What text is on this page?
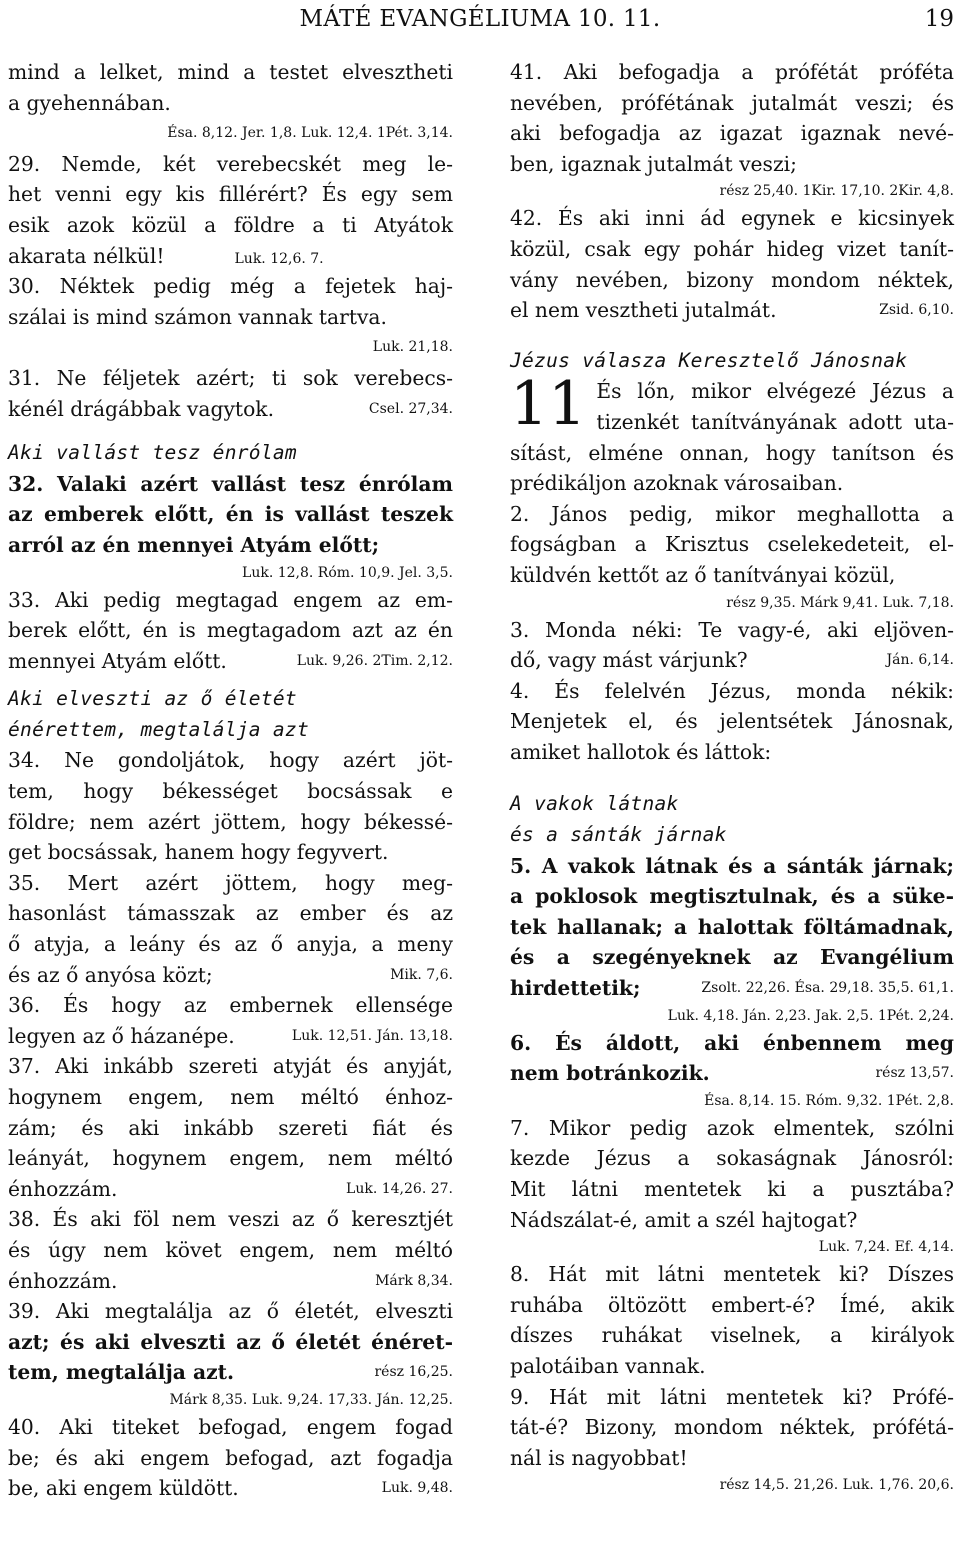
MÁTÉ EVANGÉLIUMA 10. 11.	19
mind a lelket, mind a testet elvesztheti
a gyehennában.
Ésa. 8,12. Jer. 1,8. Luk. 12,4. 1Pét. 3,14.
29. Nemde, két verebecskét meg le-
het venni egy kis fillérért? És egy sem
esik azok közül a földre a ti Atyátok
akarata nélkül!	Luk. 12,6. 7.
30. Néktek pedig még a fejetek haj-
szálai is mind számon vannak tartva.
Luk. 21,18.
31. Ne féljetek azért; ti sok verebecs-
kénél drágábbak vagytok.	Csel. 27,34.
Aki vallást tesz énrólam
32. Valaki azért vallást tesz énrólam
az emberek előtt, én is vallást teszek
arról az én mennyei Atyám előtt;
Luk. 12,8. Róm. 10,9. Jel. 3,5.
33. Aki pedig megtagad engem az em-
berek előtt, én is megtagadom azt az én
mennyei Atyám előtt.	Luk. 9,26. 2Tim. 2,12.
Aki elveszti az ő életét
énérettem, megtalálja azt
34. Ne gondoljátok, hogy azért jöt-
tem, hogy békességet bocsássak e
földre; nem azért jöttem, hogy békessé-
get bocsássak, hanem hogy fegyvert.
35. Mert azért jöttem, hogy meg-
hasonlást támasszak az ember és az
ő atyja, a leány és az ő anyja, a meny
és az ő anyósa közt;	Mik. 7,6.
36. És hogy az embernek ellensége
legyen az ő házanépe.	Luk. 12,51. Ján. 13,18.
37. Aki inkább szereti atyját és anyját,
hogynem engem, nem méltó énhoz-
zám; és aki inkább szereti fiát és
leányát, hogynem engem, nem méltó
énhozzám.	Luk. 14,26. 27.
38. És aki föl nem veszi az ő keresztjét
és úgy nem követ engem, nem méltó
énhozzám.	Márk 8,34.
39. Aki megtalálja az ő életét, elveszti
azt; és aki elveszti az ő életét énéret-
tem, megtalálja azt.	rész 16,25.
Márk 8,35. Luk. 9,24. 17,33. Ján. 12,25.
40. Aki titeket befogad, engem fogad
be; és aki engem befogad, azt fogadja
be, aki engem küldött.	Luk. 9,48.
41. Aki befogadja a prófétát próféta
nevében, prófétának jutalmát veszi; és
aki befogadja az igazat igaznak nevé-
ben, igaznak jutalmát veszi;
rész 25,40. 1Kir. 17,10. 2Kir. 4,8.
42. És aki inni ád egynek e kicsinyek
közül, csak egy pohár hideg vizet tanít-
vány nevében, bizony mondom néktek,
el nem vesztheti jutalmát.	Zsid. 6,10.
Jézus válasza Keresztelő Jánosnak
11 És lőn, mikor elvégezé Jézus a
tizenkét tanítványának adott uta-
sítást, elméne onnan, hogy tanítson és
prédikáljon azoknak városaiban.
2. János pedig, mikor meghallotta a
fogságban a Krisztus cselekedeteit, el-
küldvén kettőt az ő tanítványai közül,
rész 9,35. Márk 9,41. Luk. 7,18.
3. Monda néki: Te vagy-é, aki eljöven-
dő, vagy mást várjunk?	Ján. 6,14.
4. És felelvén Jézus, monda nékik:
Menjetek el, és jelentsétek Jánosnak,
amiket hallotok és láttok:
A vakok látnak
és a sánták járnak
5. A vakok látnak és a sánták járnak;
a poklosok megtisztulnak, és a süke-
tek hallanak; a halottak föltámadnak,
és a szegényeknek az Evangélium
hirdettetik;	Zsolt. 22,26. Ésa. 29,18. 35,5. 61,1.
Luk. 4,18. Ján. 2,23. Jak. 2,5. 1Pét. 2,24.
6. És áldott, aki énbennem meg
nem botránkozik.	rész 13,57.
Ésa. 8,14. 15. Róm. 9,32. 1Pét. 2,8.
7. Mikor pedig azok elmentek, szólni
kezde Jézus a sokaságnak Jánosról:
Mit látni mentetek ki a pusztába?
Nádszálat-é, amit a szél hajtogat?
Luk. 7,24. Ef. 4,14.
8. Hát mit látni mentetek ki? Díszes
ruhába öltözött embert-é? Ímé, akik
díszes ruhákat viselnek, a királyok
palotáiban vannak.
9. Hát mit látni mentetek ki? Prófé-
tát-é? Bizony, mondom néktek, prófétá-
nál is nagyobbat!
rész 14,5. 21,26. Luk. 1,76. 20,6.
